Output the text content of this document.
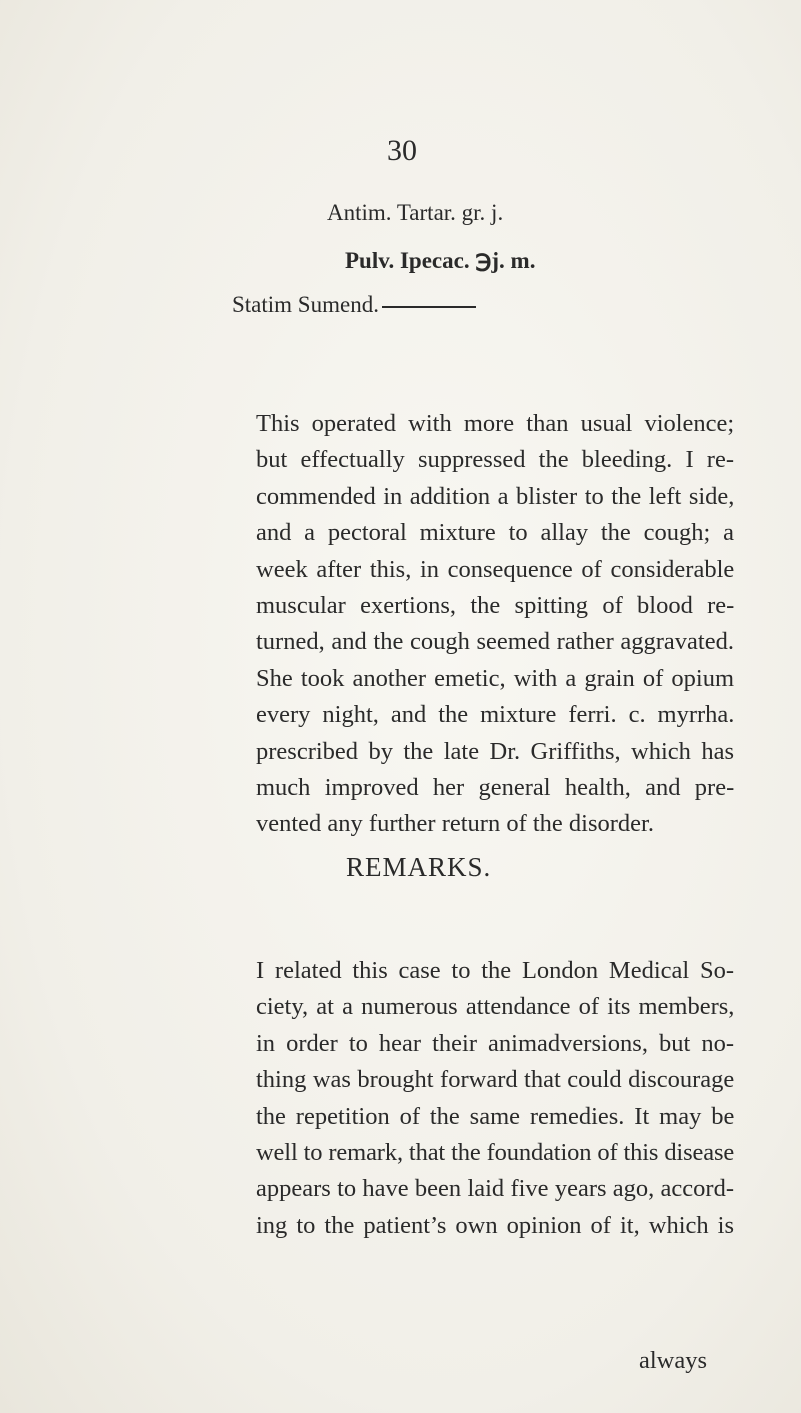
30
Antim. Tartar. gr. j.
Pulv. Ipecac. ℈j. m.
Statim Sumend.
This operated with more than usual violence;
but effectually suppressed the bleeding. I re-
commended in addition a blister to the left side,
and a pectoral mixture to allay the cough; a
week after this, in consequence of considerable
muscular exertions, the spitting of blood re-
turned, and the cough seemed rather aggravated.
She took another emetic, with a grain of opium
every night, and the mixture ferri. c. myrrha.
prescribed by the late Dr. Griffiths, which has
much improved her general health, and pre-
vented any further return of the disorder.
REMARKS.
I related this case to the London Medical So-
ciety, at a numerous attendance of its members,
in order to hear their animadversions, but no-
thing was brought forward that could discourage
the repetition of the same remedies. It may be
well to remark, that the foundation of this disease
appears to have been laid five years ago, accord-
ing to the patient’s own opinion of it, which is
always
